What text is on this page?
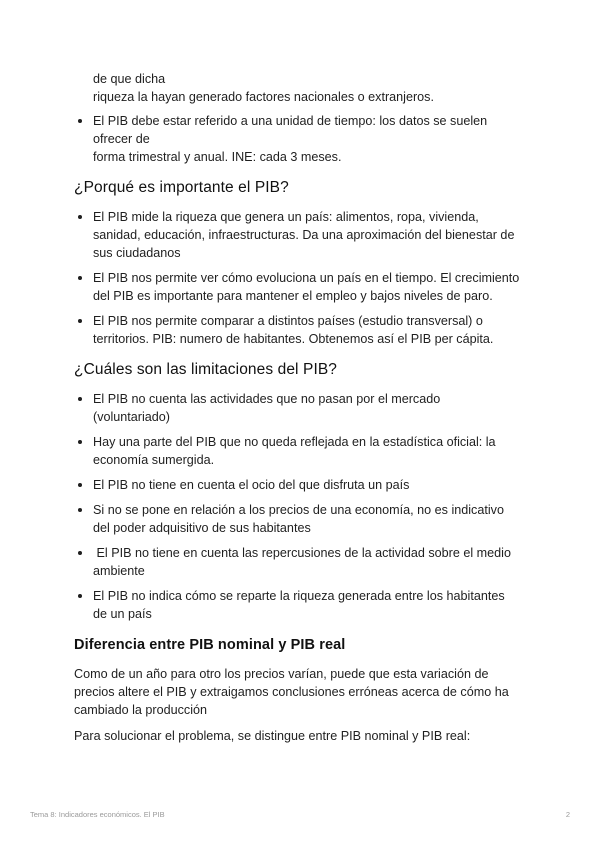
de que dicha
riqueza la hayan generado factores nacionales o extranjeros.
El PIB debe estar referido a una unidad de tiempo: los datos se suelen
ofrecer de
forma trimestral y anual. INE: cada 3 meses.
¿Porqué es importante el PIB?
El PIB mide la riqueza que genera un país: alimentos, ropa, vivienda,
sanidad, educación, infraestructuras. Da una aproximación del bienestar de
sus ciudadanos
El PIB nos permite ver cómo evoluciona un país en el tiempo. El crecimiento
del PIB es importante para mantener el empleo y bajos niveles de paro.
El PIB nos permite comparar a distintos países (estudio transversal) o
territorios. PIB: numero de habitantes. Obtenemos así el PIB per cápita.
¿Cuáles son las limitaciones del PIB?
El PIB no cuenta las actividades que no pasan por el mercado
(voluntariado)
Hay una parte del PIB que no queda reflejada en la estadística oficial: la
economía sumergida.
El PIB no tiene en cuenta el ocio del que disfruta un país
Si no se pone en relación a los precios de una economía, no es indicativo
del poder adquisitivo de sus habitantes
El PIB no tiene en cuenta las repercusiones de la actividad sobre el medio
ambiente
El PIB no indica cómo se reparte la riqueza generada entre los habitantes
de un país
Diferencia entre PIB nominal y PIB real

Como de un año para otro los precios varían, puede que esta variación de
precios altere el PIB y extraigamos conclusiones erróneas acerca de cómo ha
cambiado la producción

Para solucionar el problema, se distingue entre PIB nominal y PIB real:

Tema 8: Indicadores económicos. El PIB	2
